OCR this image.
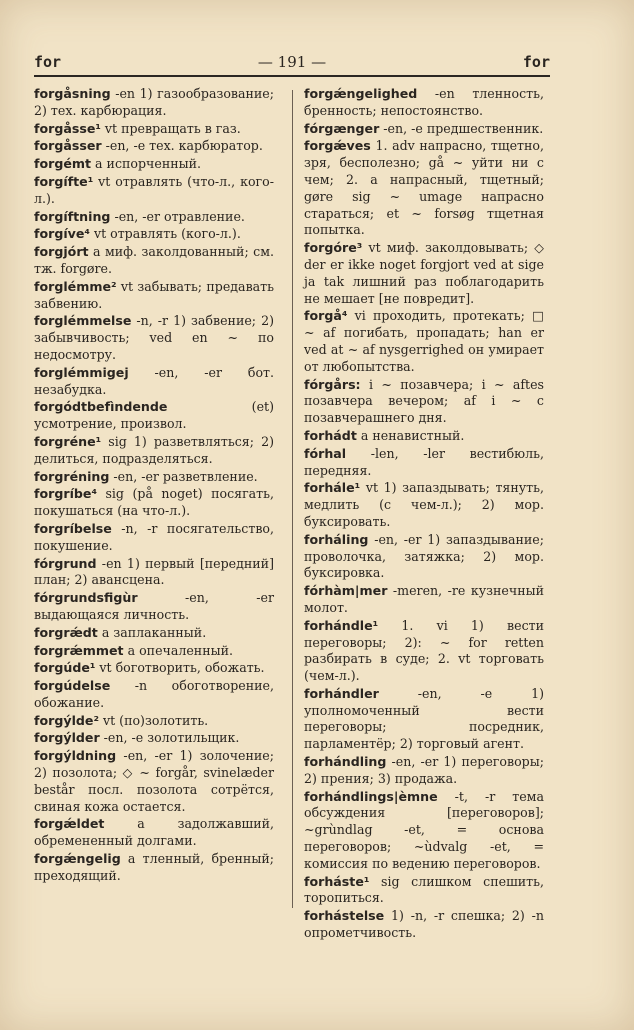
for	— 191 —	for

forgåsning -en 1) газообразование; 2) тех. карбюрация.

forgåsse¹ vt превращать в газ.

forgåsser -en, -e тех. карбюратор.

forgémt a испорченный.

forgífte¹ vt отравлять (что-л., кого-л.).

forgíftning -en, -er отравление.

forgíve⁴ vt отравлять (кого-л.).

forgjórt a миф. заколдованный; см. тж. forgøre.

forglémme² vt забывать; предавать забвению.

forglémmelse -n, -r 1) забвение; 2) забывчивость; ved en ~ по недосмотру.

forglémmigej -en, -er бот. незабудка.

forgódtbefìndende (et) усмотрение, произвол.

forgréne¹ sig 1) разветвляться; 2) делиться, подразделяться.

forgréning -en, -er разветвление.

forgríbe⁴ sig (på noget) посягать, покушаться (на что-л.).

forgríbelse -n, -r посягательство, покушение.

fórgrund -en 1) первый [передний] план; 2) авансцена.

fórgrundsfigùr -en, -er выдающаяся личность.

forgrǽdt a заплаканный.

forgrǽmmet a опечаленный.

forgúde¹ vt боготворить, обожать.

forgúdelse -n обоготворение, обожание.

forgýlde² vt (по)золотить.

forgýlder -en, -e золотильщик.

forgýldning -en, -er 1) золочение; 2) позолота; ◇ ~ forgår, svinelæder består посл. позолота сотрётся, свиная кожа остается.

forgǽldet a задолжавший, обремененный долгами.

forgǽngelig a тленный, бренный; преходящий.

forgǽngelighed -en тленность, бренность; непостоянство.

fórgænger -en, -e предшественник.

forgǽves 1. adv напрасно, тщетно, зря, бесполезно; gå ~ уйти ни с чем; 2. a напрасный, тщетный; gøre sig ~ umage напрасно стараться; et ~ forsøg тщетная попытка.

forgóre³ vt миф. заколдовывать; ◇ der er ikke noget forgjort ved at sige ja tak лишний раз поблагодарить не мешает [не повредит].

forgå⁴ vi проходить, протекать; □ ~ af погибать, пропадать; han er ved at ~ af nysgerrighed он умирает от любопытства.

fórgårs: i ~ позавчера; i ~ aftes позавчера вечером; af i ~ с позавчерашнего дня.

forhádt a ненавистный.

fórhal -len, -ler вестибюль, передняя.

forhále¹ vt 1) запаздывать; тянуть, медлить (с чем-л.); 2) мор. буксировать.

forháling -en, -er 1) запаздывание; проволочка, затяжка; 2) мор. буксировка.

fórhàm|mer -meren, -re кузнечный молот.

forhándle¹ 1. vi 1) вести переговоры; 2): ~ for retten разбирать в суде; 2. vt торговать (чем-л.).

forhándler -en, -e 1) уполномоченный вести переговоры; посредник, парламентёр; 2) торговый агент.

forhándling -en, -er 1) переговоры; 2) прения; 3) продажа.

forhándlings|èmne -t, -r тема обсуждения [переговоров]; ~grùndlag -et, = основа переговоров; ~ùdvalg -et, = комиссия по ведению переговоров.

forháste¹ sig слишком спешить, торопиться.

forhástelse 1) -n, -r спешка; 2) -n опрометчивость.
